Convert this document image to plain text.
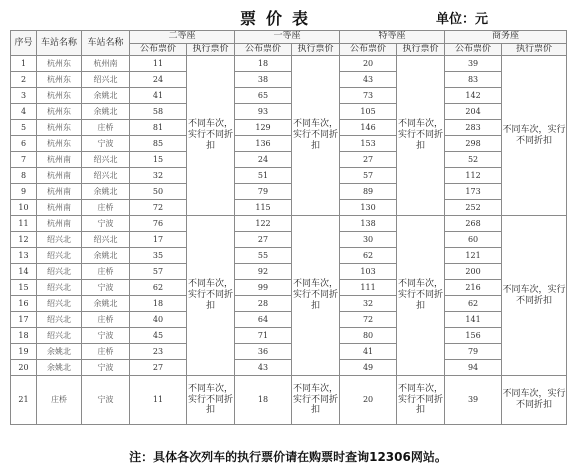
票价表	单位：元
序号	车站名称	车站名称	二等座		一等座		特等座		商务座	
			公布票价	执行票价	公布票价	执行票价	公布票价	执行票价	公布票价	执行票价
1	杭州东	杭州南	11	不同车次，实行不同折扣	18	不同车次，实行不同折扣	20	不同车次，实行不同折扣	39	不同车次，实行不同折扣
2	杭州东	绍兴北	24		38		43		83	
3	杭州东	余姚北	41		65		73		142	
4	杭州东	余姚北	58		93		105		204	
5	杭州东	庄桥	81		129		146		283	
6	杭州东	宁波	85		136		153		298	
7	杭州南	绍兴北	15		24		27		52	
8	杭州南	绍兴北	32		51		57		112	
9	杭州南	余姚北	50		79		89		173	
10	杭州南	庄桥	72		115		130		252	
11	杭州南	宁波	76	不同车次，实行不同折扣	122	不同车次，实行不同折扣	138	不同车次，实行不同折扣	268	不同车次，实行不同折扣
12	绍兴北	绍兴北	17		27		30		60	
13	绍兴北	余姚北	35		55		62		121	
14	绍兴北	庄桥	57		92		103		200	
15	绍兴北	宁波	62		99		111		216	
16	绍兴北	余姚北	18		28		32		62	
17	绍兴北	庄桥	40		64		72		141	
18	绍兴北	宁波	45		71		80		156	
19	余姚北	庄桥	23		36		41		79	
20	余姚北	宁波	27		43		49		94	
21	庄桥	宁波	11	不同车次，实行不同折扣	18	不同车次，实行不同折扣	20	不同车次，实行不同折扣	39	不同车次，实行不同折扣
注：具体各次列车的执行票价请在购票时查询12306网站。
